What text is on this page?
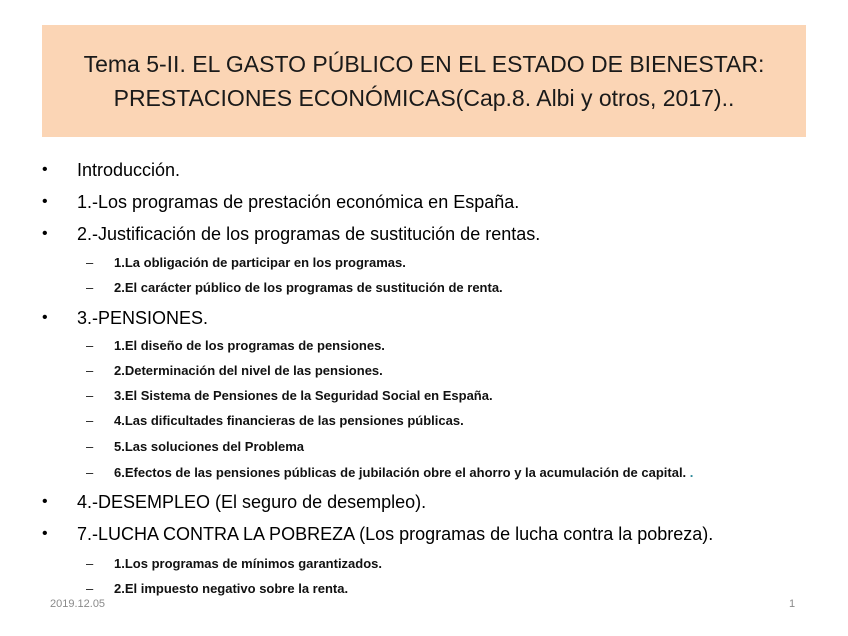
Tema 5-II. EL GASTO PÚBLICO EN EL ESTADO DE BIENESTAR:
PRESTACIONES ECONÓMICAS(Cap.8. Albi y otros, 2017)..
•	Introducción.
•	1.-Los programas de prestación económica en España.
•	2.-Justificación de los programas de sustitución de rentas.
– 1.La obligación de participar en los programas.
– 2.El carácter público de los programas de sustitución de renta.
•	3.-PENSIONES.
– 1.El diseño de los programas de pensiones.
– 2.Determinación del nivel de las pensiones.
– 3.El Sistema de Pensiones de la Seguridad Social en España.
– 4.Las dificultades financieras de las pensiones públicas.
– 5.Las soluciones del Problema
– 6.Efectos de las pensiones públicas de jubilación obre el ahorro y la acumulación de capital. .
•	4.-DESEMPLEO (El seguro de desempleo).
•	7.-LUCHA CONTRA LA POBREZA (Los programas de lucha contra la pobreza).
– 1.Los programas de mínimos garantizados.
– 2.El impuesto negativo sobre la renta.
2019.12.05	1
